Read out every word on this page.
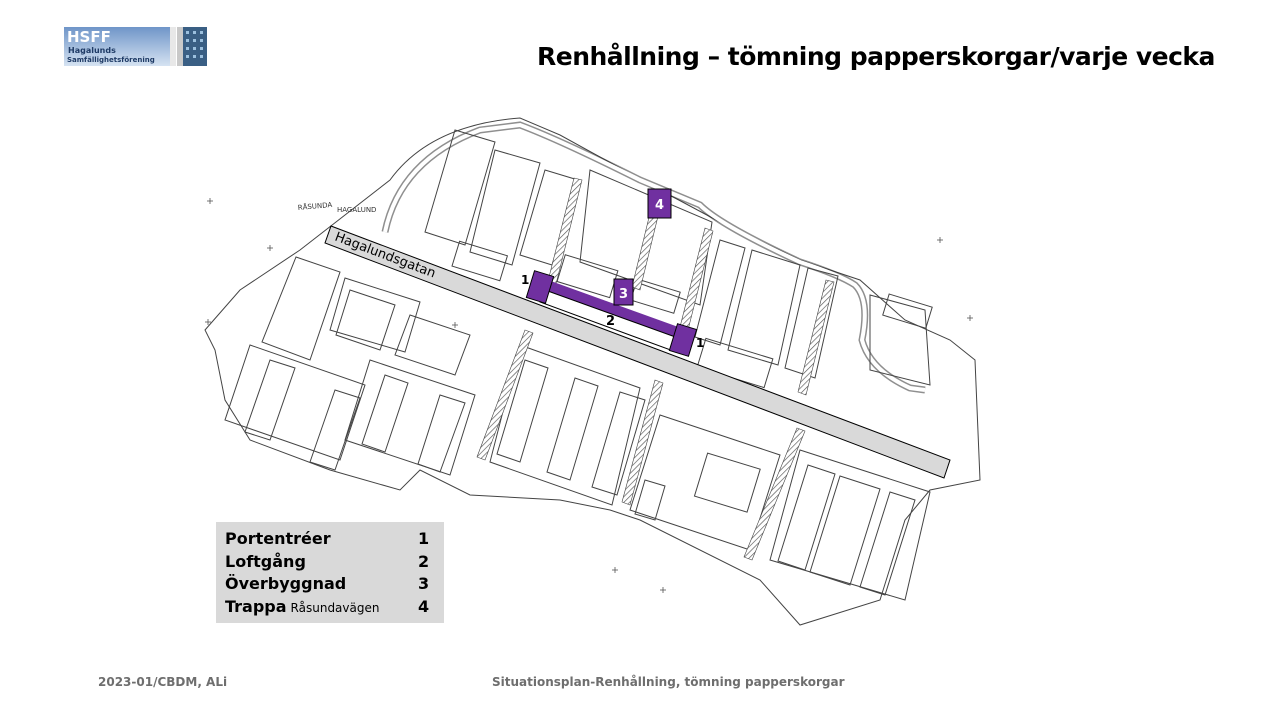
HSFF
Hagalunds
Samfällighetsförening	Renhållning – tömning papperskorgar/varje vecka
RÅSUNDA HAGALUND
Hagalundsgatan	1
1
2
3
4
Portentréer	1
Loftgång	2
Överbyggnad	3
Trappa Råsundavägen 4
2023-01/CBDM, ALi	Situationsplan-Renhållning, tömning papperskorgar
